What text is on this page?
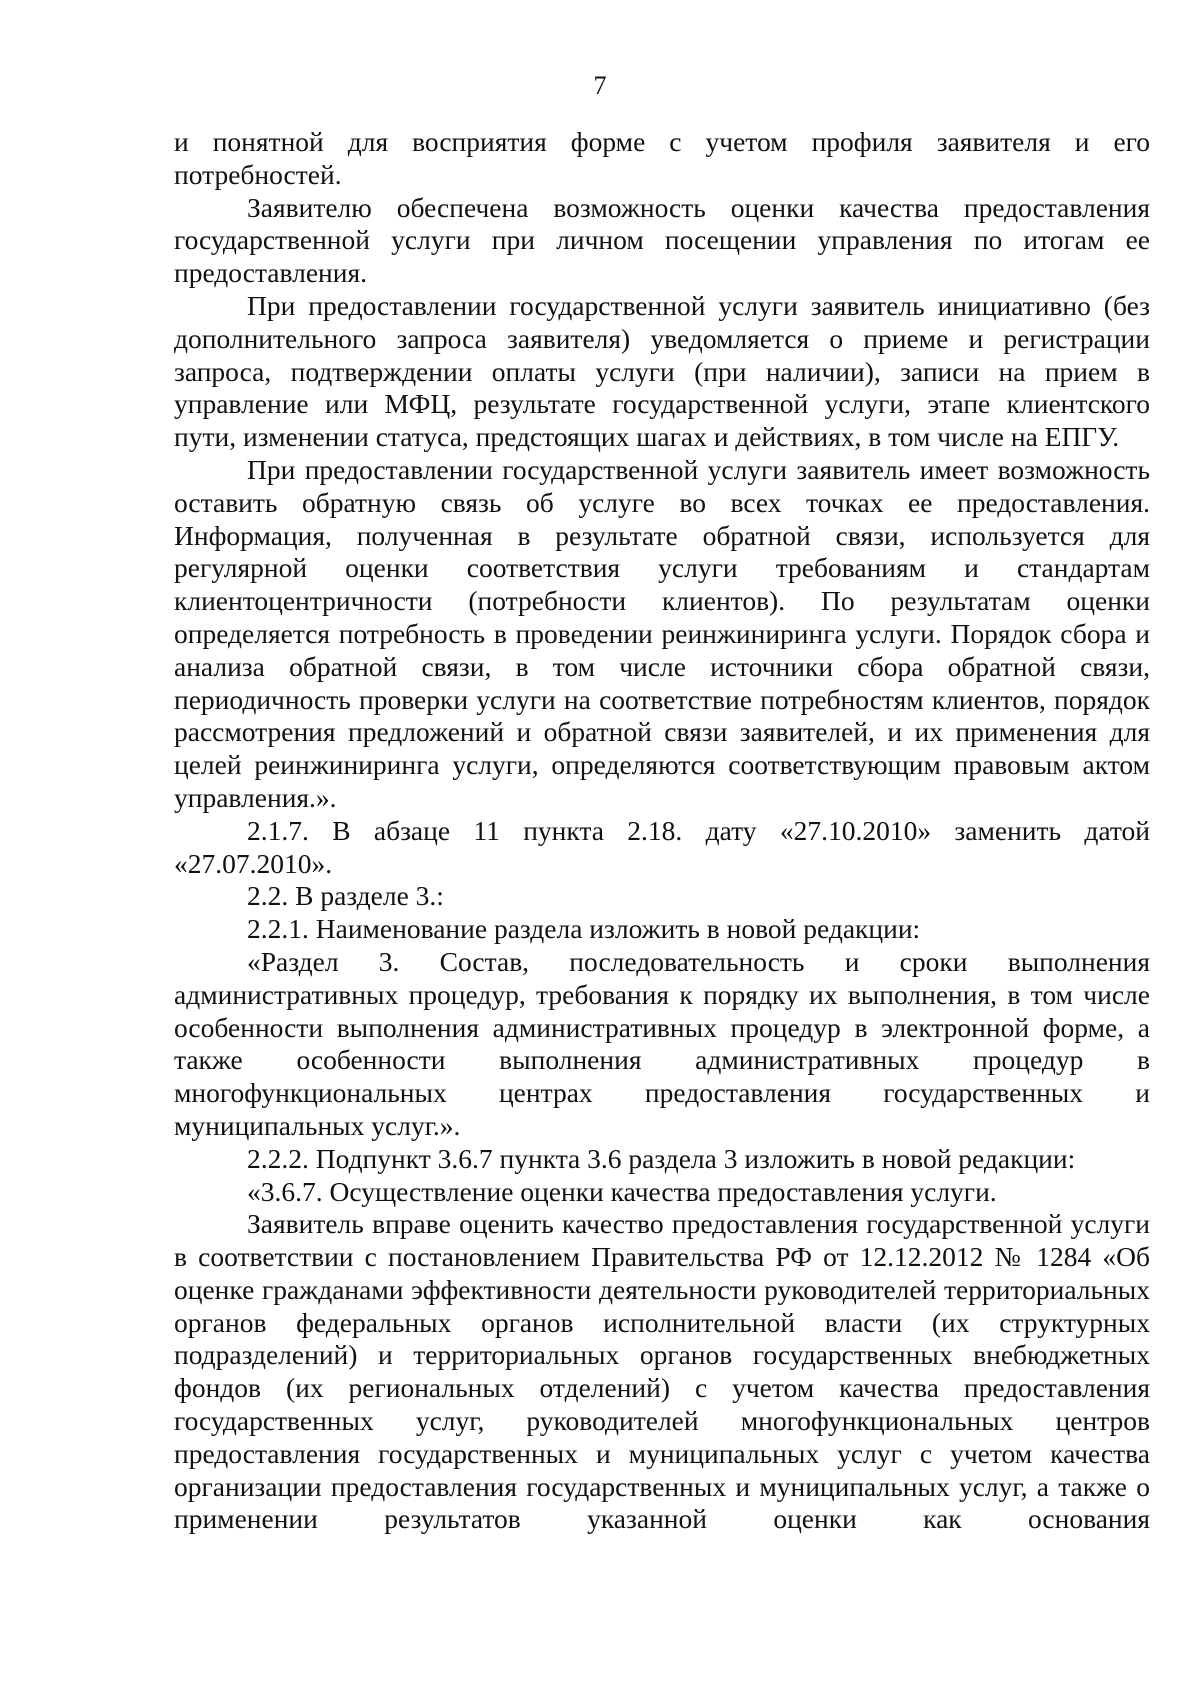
7

и понятной для восприятия форме с учетом профиля заявителя и его потребностей.

Заявителю обеспечена возможность оценки качества предоставления государственной услуги при личном посещении управления по итогам ее предоставления.

При предоставлении государственной услуги заявитель инициативно (без дополнительного запроса заявителя) уведомляется о приеме и регистрации запроса, подтверждении оплаты услуги (при наличии), записи на прием в управление или МФЦ, результате государственной услуги, этапе клиентского пути, изменении статуса, предстоящих шагах и действиях, в том числе на ЕПГУ.

При предоставлении государственной услуги заявитель имеет возможность оставить обратную связь об услуге во всех точках ее предоставления. Информация, полученная в результате обратной связи, используется для регулярной оценки соответствия услуги требованиям и стандартам клиентоцентричности (потребности клиентов). По результатам оценки определяется потребность в проведении реинжиниринга услуги. Порядок сбора и анализа обратной связи, в том числе источники сбора обратной связи, периодичность проверки услуги на соответствие потребностям клиентов, порядок рассмотрения предложений и обратной связи заявителей, и их применения для целей реинжиниринга услуги, определяются соответствующим правовым актом управления.».

2.1.7. В абзаце 11 пункта 2.18. дату «27.10.2010» заменить датой «27.07.2010».

2.2. В разделе 3.:

2.2.1. Наименование раздела изложить в новой редакции:

«Раздел 3. Состав, последовательность и сроки выполнения административных процедур, требования к порядку их выполнения, в том числе особенности выполнения административных процедур в электронной форме, а также особенности выполнения административных процедур в многофункциональных центрах предоставления государственных и муниципальных услуг.».

2.2.2. Подпункт 3.6.7 пункта 3.6 раздела 3 изложить в новой редакции:

«3.6.7. Осуществление оценки качества предоставления услуги.

Заявитель вправе оценить качество предоставления государственной услуги в соответствии с постановлением Правительства РФ от 12.12.2012 № 1284 «Об оценке гражданами эффективности деятельности руководителей территориальных органов федеральных органов исполнительной власти (их структурных подразделений) и территориальных органов государственных внебюджетных фондов (их региональных отделений) с учетом качества предоставления государственных услуг, руководителей многофункциональных центров предоставления государственных и муниципальных услуг с учетом качества организации предоставления государственных и муниципальных услуг, а также о применении результатов указанной оценки как основания
